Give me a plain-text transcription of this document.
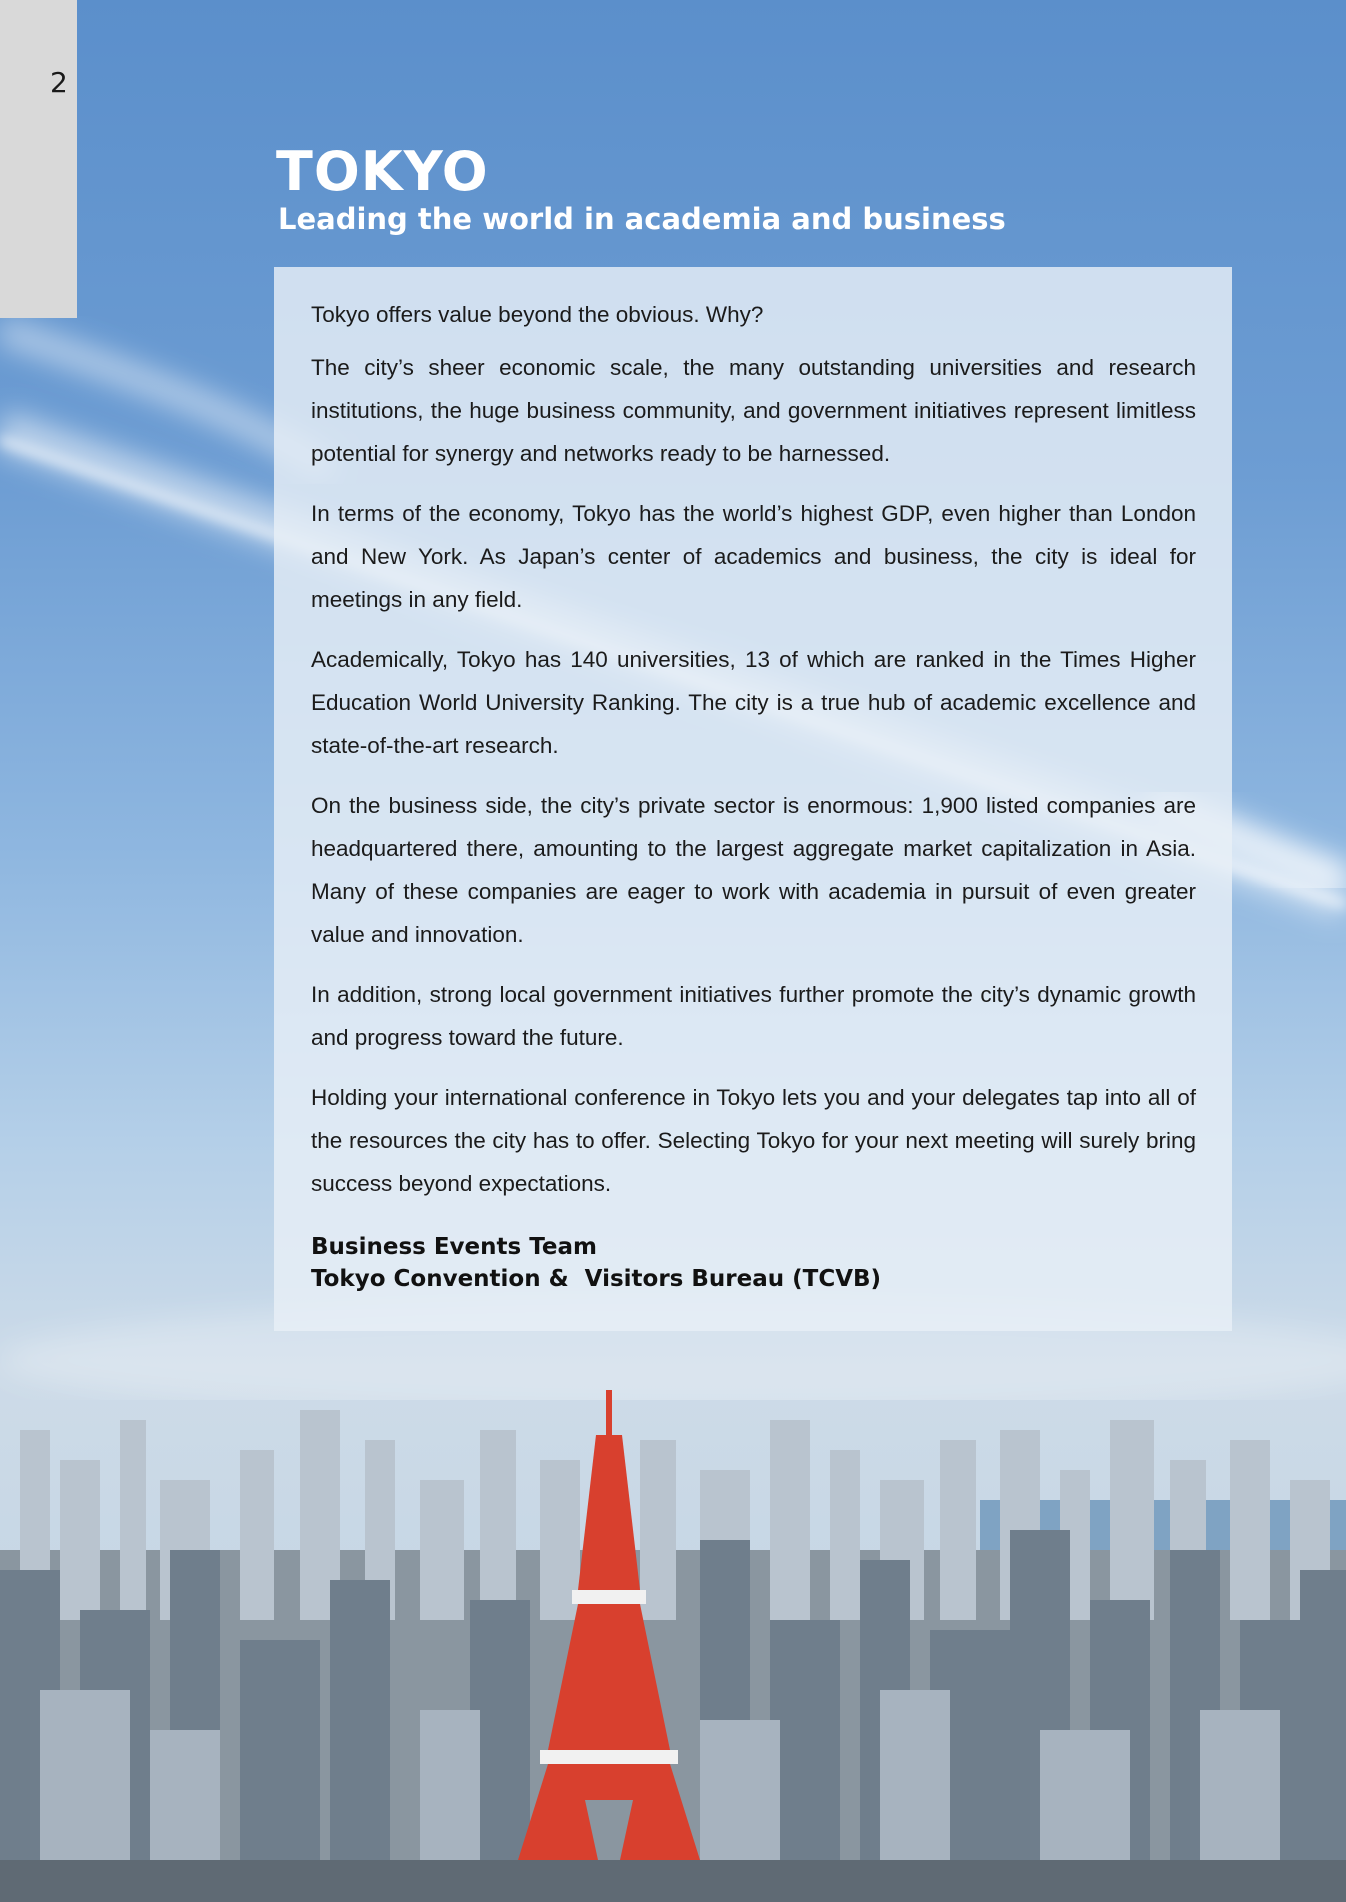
2
TOKYO
Leading the world in academia and business

Tokyo offers value beyond the obvious. Why?

The city’s sheer economic scale, the many outstanding universities and research institutions, the huge business community, and government initiatives represent limitless potential for synergy and networks ready to be harnessed.

In terms of the economy, Tokyo has the world’s highest GDP, even higher than London and New York. As Japan’s center of academics and business, the city is ideal for meetings in any field.

Academically, Tokyo has 140 universities, 13 of which are ranked in the Times Higher Education World University Ranking. The city is a true hub of academic excellence and state-of-the-art research.

On the business side, the city’s private sector is enormous: 1,900 listed companies are headquartered there, amounting to the largest aggregate market capitalization in Asia. Many of these companies are eager to work with academia in pursuit of even greater value and innovation.

In addition, strong local government initiatives further promote the city’s dynamic growth and progress toward the future.

Holding your international conference in Tokyo lets you and your delegates tap into all of the resources the city has to offer. Selecting Tokyo for your next meeting will surely bring success beyond expectations.

Business Events Team
Tokyo Convention &  Visitors Bureau (TCVB)
